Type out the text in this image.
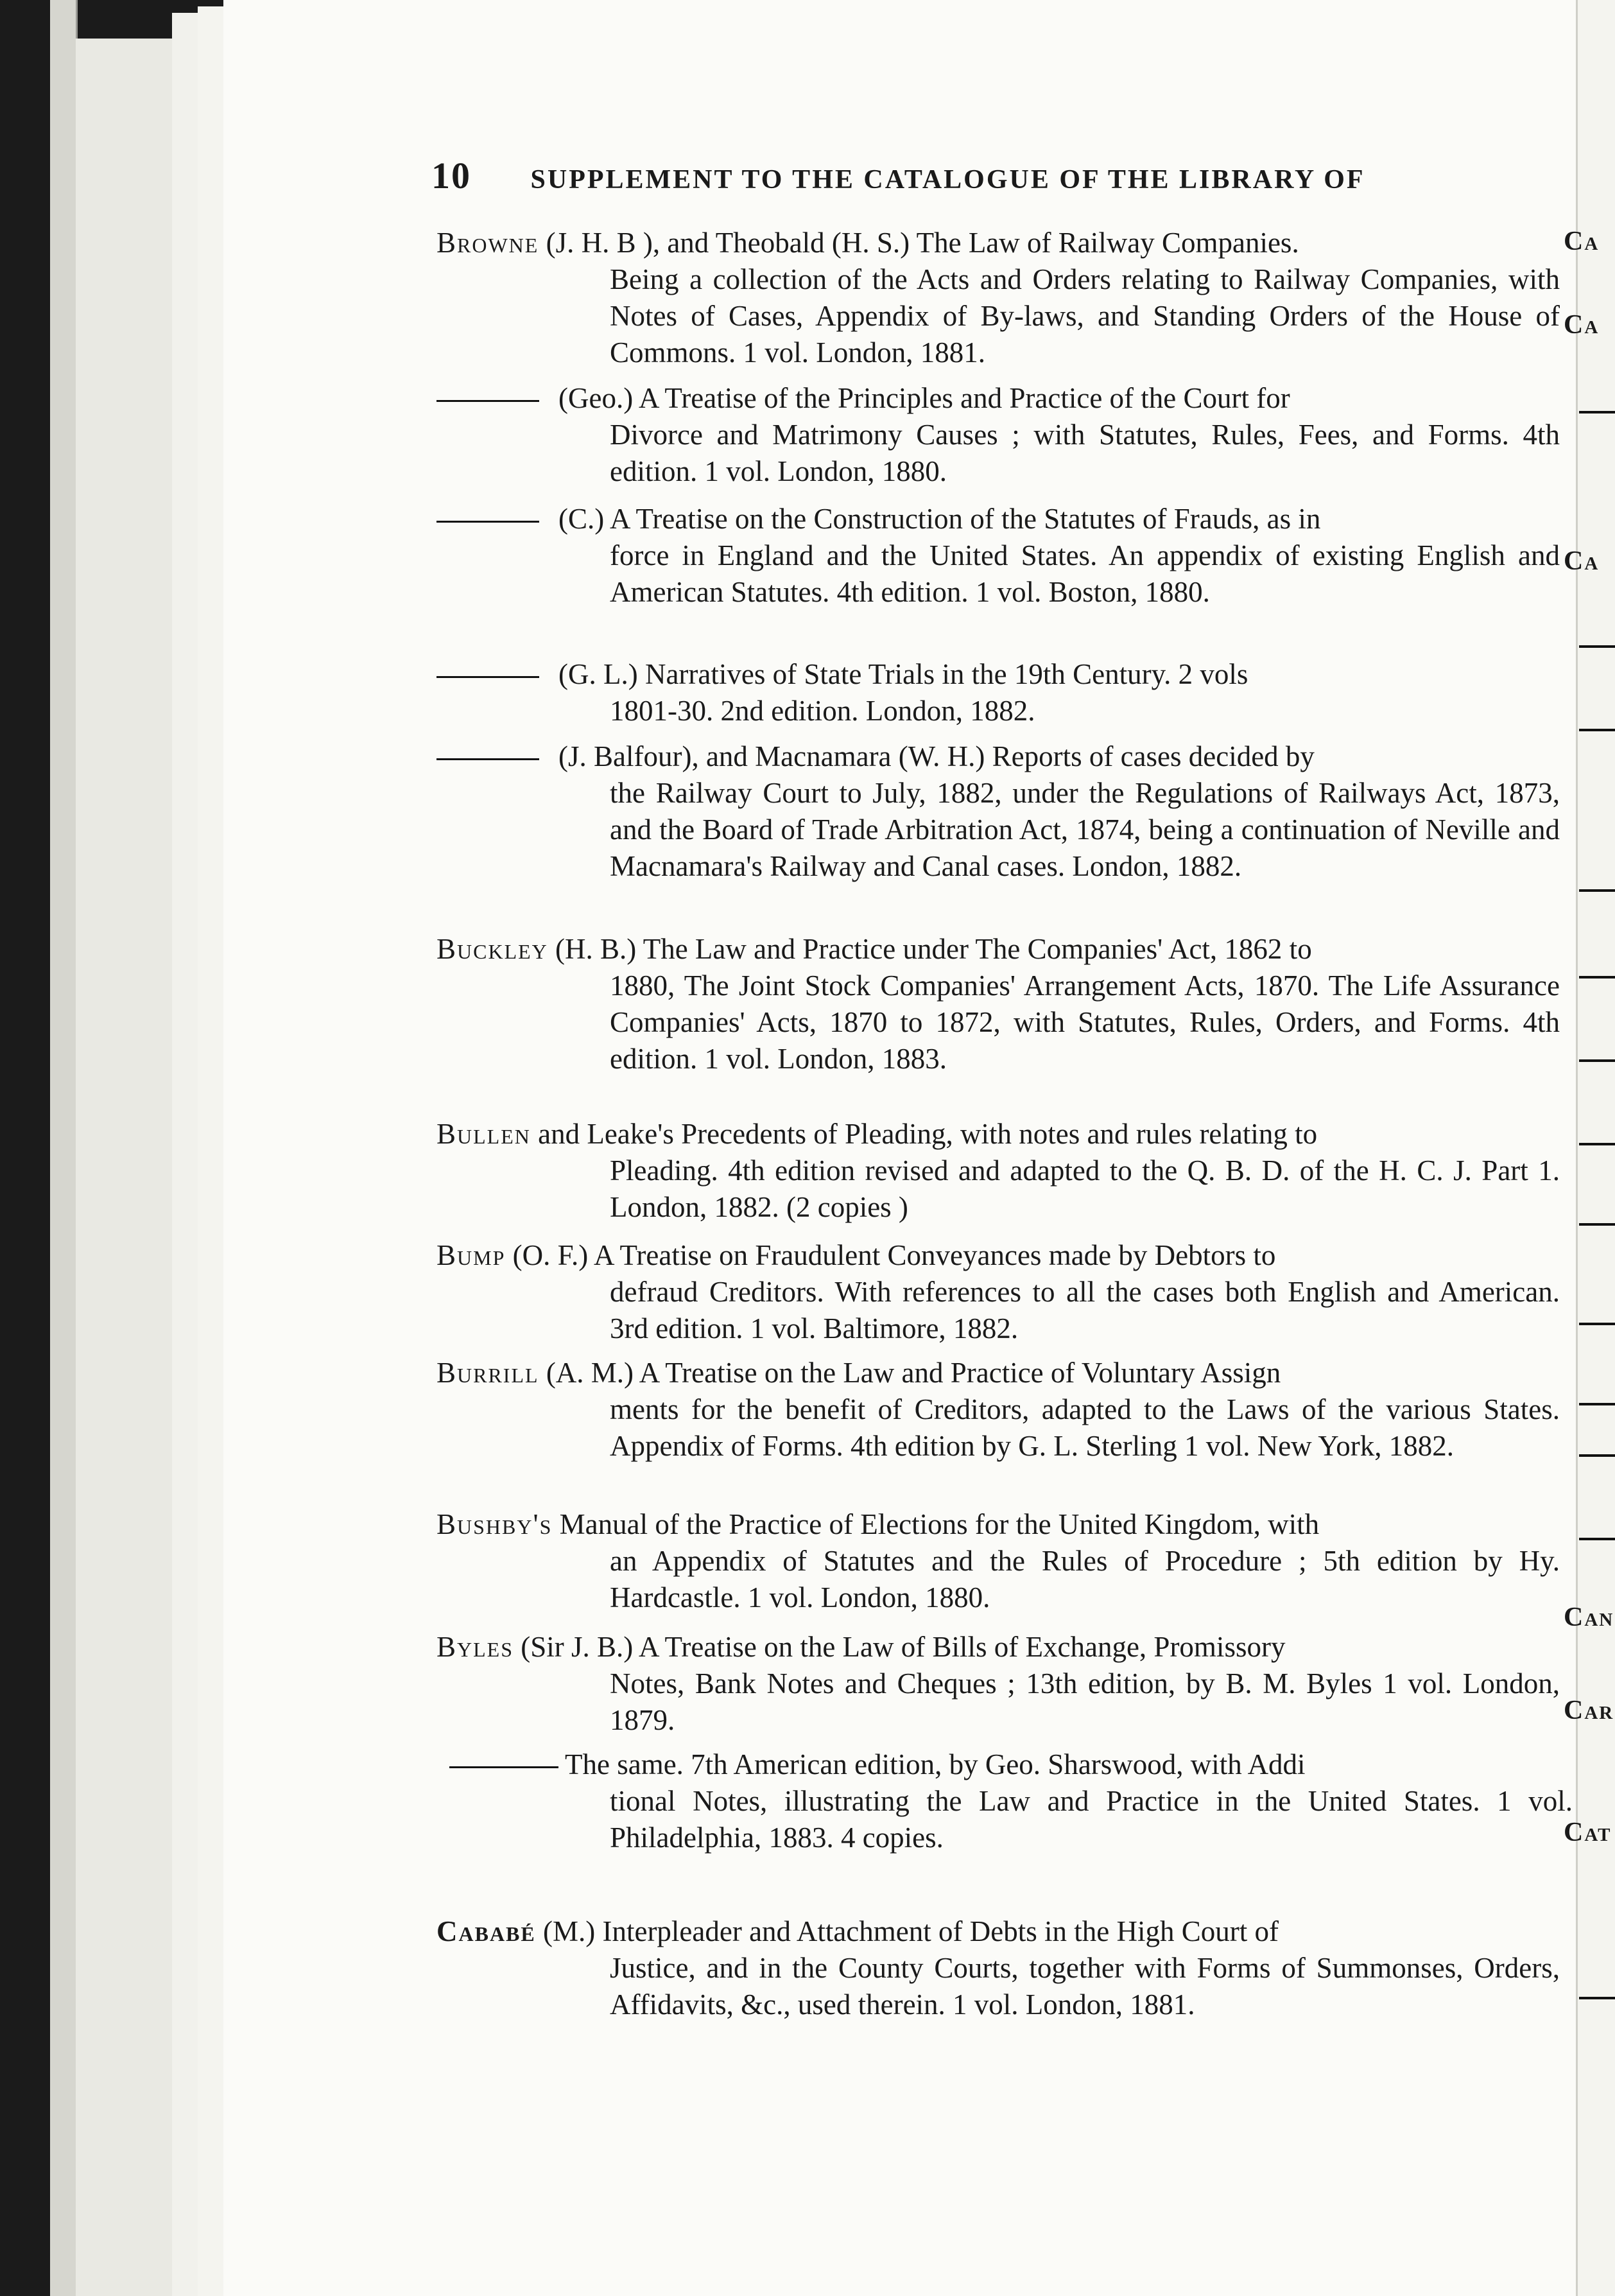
Ca
Ca
Ca
Can
Car
Cat
10 SUPPLEMENT TO THE CATALOGUE OF THE LIBRARY OF
Browne (J. H. B ), and Theobald (H. S.) The Law of Railway Companies.
Being a collection of the Acts and Orders relating to Railway Companies, with Notes of Cases, Appendix of By-laws, and Standing Orders of the House of Commons. 1 vol. London, 1881.
(Geo.) A Treatise of the Principles and Practice of the Court for
Divorce and Matrimony Causes ; with Statutes, Rules, Fees, and Forms. 4th edition. 1 vol. London, 1880.
(C.) A Treatise on the Construction of the Statutes of Frauds, as in
force in England and the United States. An appendix of existing English and American Statutes. 4th edition. 1 vol. Boston, 1880.
(G. L.) Narratives of State Trials in the 19th Century. 2 vols
1801-30. 2nd edition. London, 1882.
(J. Balfour), and Macnamara (W. H.) Reports of cases decided by
the Railway Court to July, 1882, under the Regulations of Railways Act, 1873, and the Board of Trade Arbitration Act, 1874, being a continuation of Neville and Macnamara's Railway and Canal cases. London, 1882.
Buckley (H. B.) The Law and Practice under The Companies' Act, 1862 to
1880, The Joint Stock Companies' Arrangement Acts, 1870. The Life Assurance Companies' Acts, 1870 to 1872, with Statutes, Rules, Orders, and Forms. 4th edition. 1 vol. London, 1883.
Bullen and Leake's Precedents of Pleading, with notes and rules relating to
Pleading. 4th edition revised and adapted to the Q. B. D. of the H. C. J. Part 1. London, 1882. (2 copies )
Bump (O. F.) A Treatise on Fraudulent Conveyances made by Debtors to
defraud Creditors. With references to all the cases both English and American. 3rd edition. 1 vol. Baltimore, 1882.
Burrill (A. M.) A Treatise on the Law and Practice of Voluntary Assign
ments for the benefit of Creditors, adapted to the Laws of the various States. Appendix of Forms. 4th edition by G. L. Sterling 1 vol. New York, 1882.
Bushby's Manual of the Practice of Elections for the United Kingdom, with
an Appendix of Statutes and the Rules of Procedure ; 5th edition by Hy. Hardcastle. 1 vol. London, 1880.
Byles (Sir J. B.) A Treatise on the Law of Bills of Exchange, Promissory
Notes, Bank Notes and Cheques ; 13th edition, by B. M. Byles 1 vol. London, 1879.
The same. 7th American edition, by Geo. Sharswood, with Addi
tional Notes, illustrating the Law and Practice in the United States. 1 vol. Philadelphia, 1883. 4 copies.
Cababé (M.) Interpleader and Attachment of Debts in the High Court of
Justice, and in the County Courts, together with Forms of Summonses, Orders, Affidavits, &c., used therein. 1 vol. London, 1881.
